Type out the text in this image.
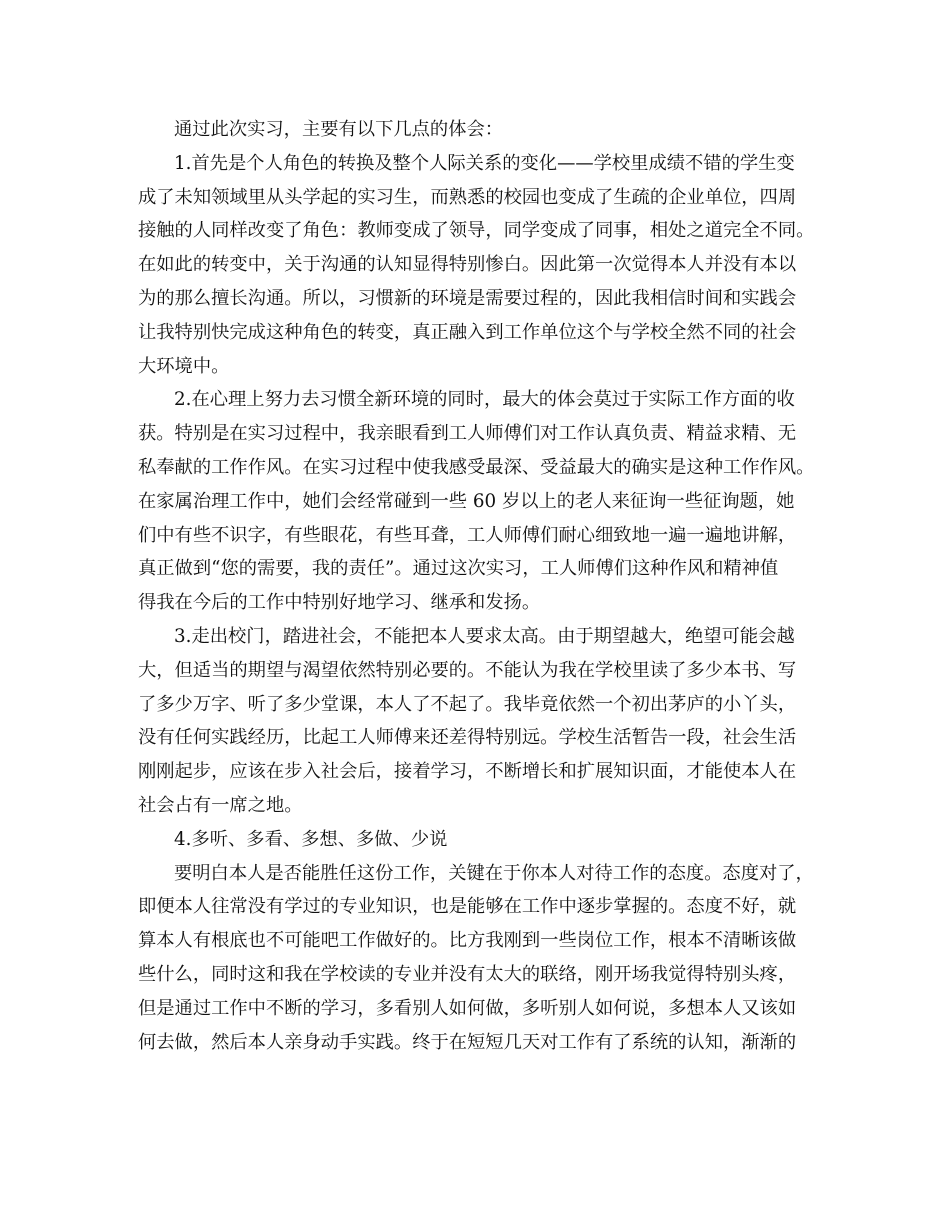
通过此次实习，主要有以下几点的体会：
1.首先是个人角色的转换及整个人际关系的变化——学校里成绩不错的学生变
成了未知领域里从头学起的实习生，而熟悉的校园也变成了生疏的企业单位，四周
接触的人同样改变了角色：教师变成了领导，同学变成了同事，相处之道完全不同。
在如此的转变中，关于沟通的认知显得特别惨白。因此第一次觉得本人并没有本以
为的那么擅长沟通。所以，习惯新的环境是需要过程的，因此我相信时间和实践会
让我特别快完成这种角色的转变，真正融入到工作单位这个与学校全然不同的社会
大环境中。
2.在心理上努力去习惯全新环境的同时，最大的体会莫过于实际工作方面的收
获。特别是在实习过程中，我亲眼看到工人师傅们对工作认真负责、精益求精、无
私奉献的工作作风。在实习过程中使我感受最深、受益最大的确实是这种工作作风。
在家属治理工作中，她们会经常碰到一些 60 岁以上的老人来征询一些征询题，她
们中有些不识字，有些眼花，有些耳聋，工人师傅们耐心细致地一遍一遍地讲解，
真正做到“您的需要，我的责任”。通过这次实习，工人师傅们这种作风和精神值
得我在今后的工作中特别好地学习、继承和发扬。
3.走出校门，踏进社会，不能把本人要求太高。由于期望越大，绝望可能会越
大，但适当的期望与渴望依然特别必要的。不能认为我在学校里读了多少本书、写
了多少万字、听了多少堂课，本人了不起了。我毕竟依然一个初出茅庐的小丫头，
没有任何实践经历，比起工人师傅来还差得特别远。学校生活暂告一段，社会生活
刚刚起步，应该在步入社会后，接着学习，不断增长和扩展知识面，才能使本人在
社会占有一席之地。
4.多听、多看、多想、多做、少说
要明白本人是否能胜任这份工作，关键在于你本人对待工作的态度。态度对了，
即便本人往常没有学过的专业知识，也是能够在工作中逐步掌握的。态度不好，就
算本人有根底也不可能吧工作做好的。比方我刚到一些岗位工作，根本不清晰该做
些什么，同时这和我在学校读的专业并没有太大的联络，刚开场我觉得特别头疼，
但是通过工作中不断的学习，多看别人如何做，多听别人如何说，多想本人又该如
何去做，然后本人亲身动手实践。终于在短短几天对工作有了系统的认知，渐渐的
